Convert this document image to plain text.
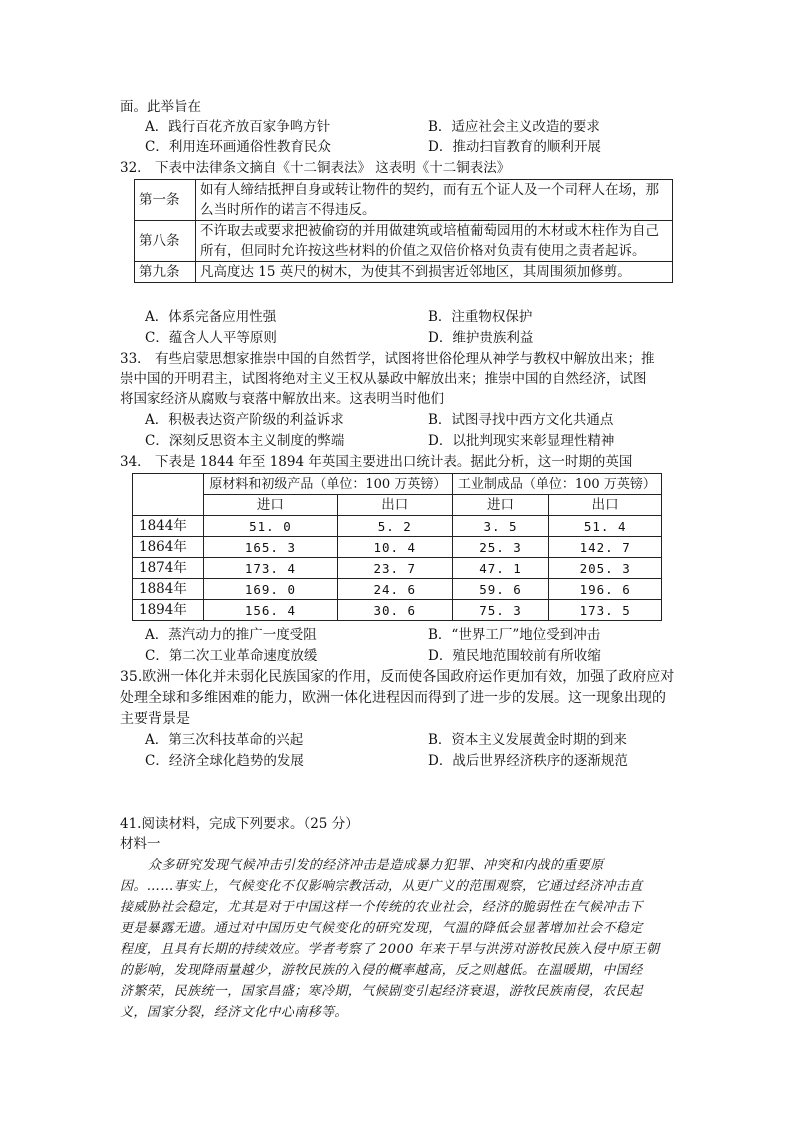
面。此举旨在
A．践行百花齐放百家争鸣方针	B．适应社会主义改造的要求
C．利用连环画通俗性教育民众	D．推动扫盲教育的顺利开展
32． 下表中法律条文摘自《十二铜表法》 这表明《十二铜表法》
第一条	如有人缔结抵押自身或转让物件的契约，而有五个证人及一个司秤人在场，那么当时所作的诺言不得违反。
第八条	不许取去或要求把被偷窃的并用做建筑或培植葡萄园用的木材或木柱作为自己所有，但同时允许按这些材料的价值之双倍价格对负责有使用之责者起诉。
第九条	凡高度达 15 英尺的树木，为使其不到损害近邻地区，其周围须加修剪。
A．体系完备应用性强	B．注重物权保护
C．蕴含人人平等原则	D．维护贵族利益
33． 有些启蒙思想家推崇中国的自然哲学，试图将世俗伦理从神学与教权中解放出来；推
崇中国的开明君主，试图将绝对主义王权从暴政中解放出来；推崇中国的自然经济，试图
将国家经济从腐败与衰落中解放出来。这表明当时他们
A．积极表达资产阶级的利益诉求	B．试图寻找中西方文化共通点
C．深刻反思资本主义制度的弊端	D．以批判现实来彰显理性精神
34． 下表是 1844 年至 1894 年英国主要进出口统计表。据此分析，这一时期的英国
	原材料和初级产品（单位：100 万英镑）		工业制成品（单位：100 万英镑）	
	进口	出口	进口	出口
1844年	51. 0	5. 2	3. 5	51. 4
1864年	165. 3	10. 4	25. 3	142. 7
1874年	173. 4	23. 7	47. 1	205. 3
1884年	169. 0	24. 6	59. 6	196. 6
1894年	156. 4	30. 6	75. 3	173. 5
A．蒸汽动力的推广一度受阻	B．“世界工厂”地位受到冲击
C．第二次工业革命速度放缓	D．殖民地范围较前有所收缩
35.欧洲一体化并未弱化民族国家的作用，反而使各国政府运作更加有效，加强了政府应对
处理全球和多维困难的能力，欧洲一体化进程因而得到了进一步的发展。这一现象出现的
主要背景是
A．第三次科技革命的兴起	B．资本主义发展黄金时期的到来
C．经济全球化趋势的发展	D．战后世界经济秩序的逐渐规范
41.阅读材料，完成下列要求。（25 分）
材料一
众多研究发现气候冲击引发的经济冲击是造成暴力犯罪、冲突和内战的重要原
因。……事实上，气候变化不仅影响宗教活动，从更广义的范围观察，它通过经济冲击直
接威胁社会稳定，尤其是对于中国这样一个传统的农业社会，经济的脆弱性在气候冲击下
更是暴露无遗。通过对中国历史气候变化的研究发现，气温的降低会显著增加社会不稳定
程度，且具有长期的持续效应。学者考察了 2000 年来干旱与洪涝对游牧民族入侵中原王朝
的影响，发现降雨量越少，游牧民族的入侵的概率越高，反之则越低。在温暖期，中国经
济繁荣，民族统一，国家昌盛；寒冷期，气候剧变引起经济衰退，游牧民族南侵，农民起
义，国家分裂，经济文化中心南移等。
